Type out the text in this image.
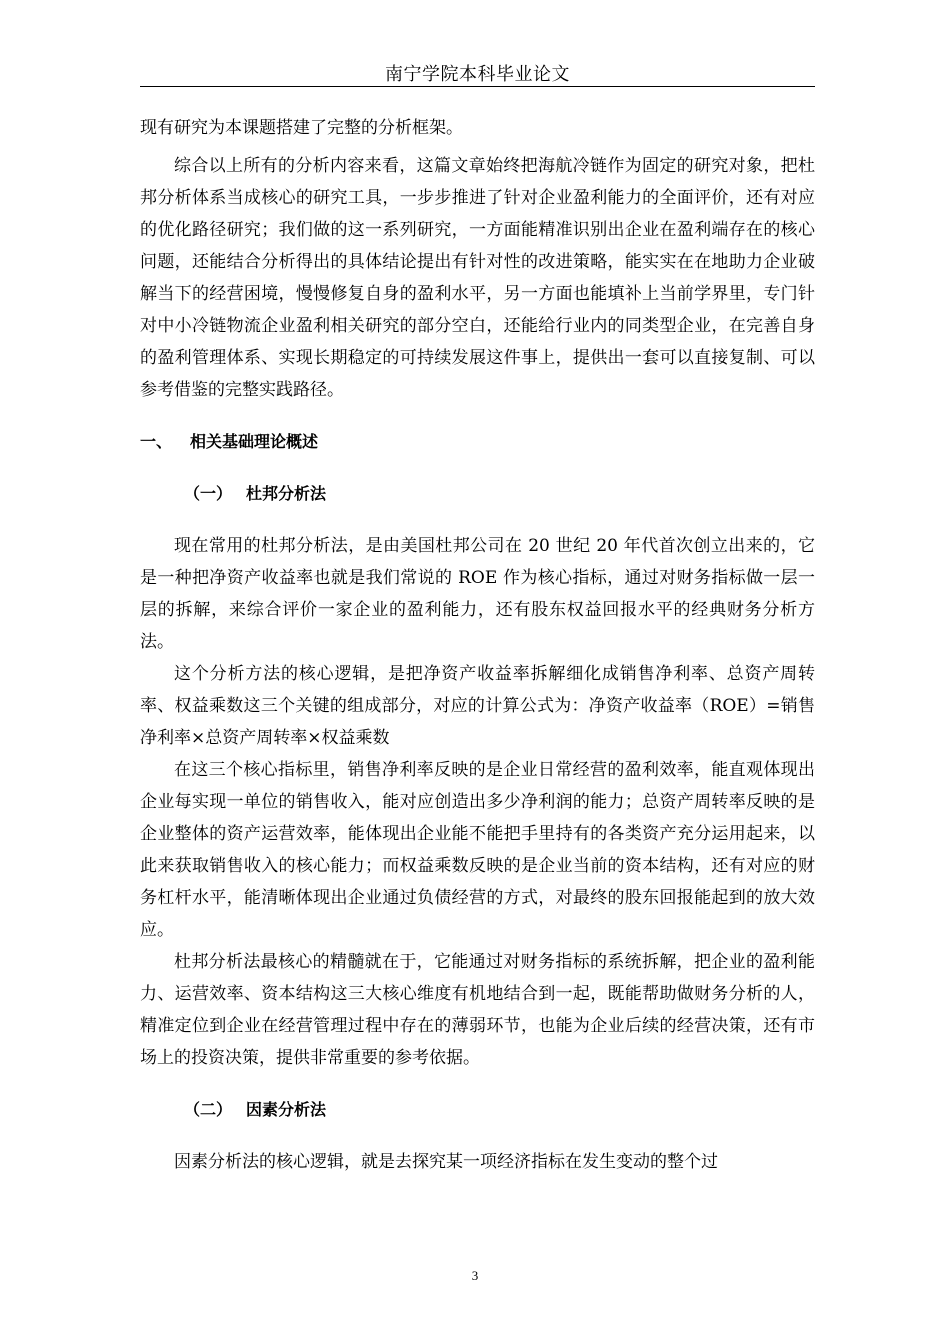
南宁学院本科毕业论文

现有研究为本课题搭建了完整的分析框架。

综合以上所有的分析内容来看，这篇文章始终把海航冷链作为固定的研究对象，把杜邦分析体系当成核心的研究工具，一步步推进了针对企业盈利能力的全面评价，还有对应的优化路径研究；我们做的这一系列研究，一方面能精准识别出企业在盈利端存在的核心问题，还能结合分析得出的具体结论提出有针对性的改进策略，能实实在在地助力企业破解当下的经营困境，慢慢修复自身的盈利水平，另一方面也能填补上当前学界里，专门针对中小冷链物流企业盈利相关研究的部分空白，还能给行业内的同类型企业，在完善自身的盈利管理体系、实现长期稳定的可持续发展这件事上，提供出一套可以直接复制、可以参考借鉴的完整实践路径。

一、 相关基础理论概述
（一） 杜邦分析法

现在常用的杜邦分析法，是由美国杜邦公司在 20 世纪 20 年代首次创立出来的，它是一种把净资产收益率也就是我们常说的 ROE 作为核心指标，通过对财务指标做一层一层的拆解，来综合评价一家企业的盈利能力，还有股东权益回报水平的经典财务分析方法。

这个分析方法的核心逻辑，是把净资产收益率拆解细化成销售净利率、总资产周转率、权益乘数这三个关键的组成部分，对应的计算公式为：净资产收益率（ROE）=销售净利率×总资产周转率×权益乘数

在这三个核心指标里，销售净利率反映的是企业日常经营的盈利效率，能直观体现出企业每实现一单位的销售收入，能对应创造出多少净利润的能力；总资产周转率反映的是企业整体的资产运营效率，能体现出企业能不能把手里持有的各类资产充分运用起来，以此来获取销售收入的核心能力；而权益乘数反映的是企业当前的资本结构，还有对应的财务杠杆水平，能清晰体现出企业通过负债经营的方式，对最终的股东回报能起到的放大效应。

杜邦分析法最核心的精髓就在于，它能通过对财务指标的系统拆解，把企业的盈利能力、运营效率、资本结构这三大核心维度有机地结合到一起，既能帮助做财务分析的人，精准定位到企业在经营管理过程中存在的薄弱环节，也能为企业后续的经营决策，还有市场上的投资决策，提供非常重要的参考依据。

（二） 因素分析法

因素分析法的核心逻辑，就是去探究某一项经济指标在发生变动的整个过

3
